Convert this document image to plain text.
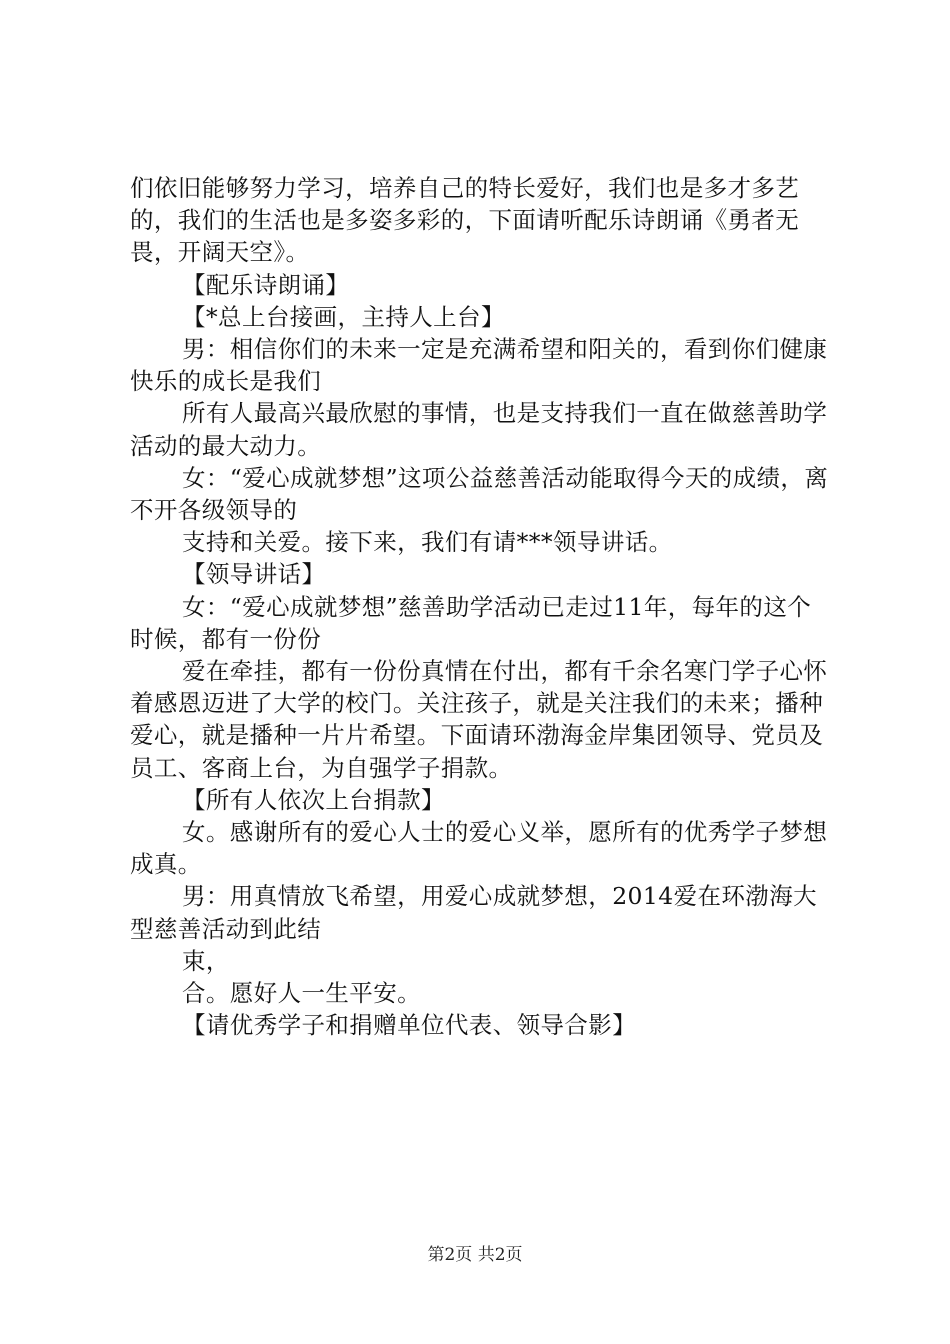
们依旧能够努力学习，培养自己的特长爱好，我们也是多才多艺的，我们的生活也是多姿多彩的，下面请听配乐诗朗诵《勇者无畏，开阔天空》。

【配乐诗朗诵】

【*总上台接画，主持人上台】

男：相信你们的未来一定是充满希望和阳关的，看到你们健康快乐的成长是我们

所有人最高兴最欣慰的事情，也是支持我们一直在做慈善助学活动的最大动力。

女：“爱心成就梦想”这项公益慈善活动能取得今天的成绩，离不开各级领导的

支持和关爱。接下来，我们有请***领导讲话。

【领导讲话】

女：“爱心成就梦想”慈善助学活动已走过11年，每年的这个时候，都有一份份

爱在牵挂，都有一份份真情在付出，都有千余名寒门学子心怀着感恩迈进了大学的校门。关注孩子，就是关注我们的未来；播种爱心，就是播种一片片希望。下面请环渤海金岸集团领导、党员及员工、客商上台，为自强学子捐款。

【所有人依次上台捐款】

女。感谢所有的爱心人士的爱心义举，愿所有的优秀学子梦想成真。

男：用真情放飞希望，用爱心成就梦想，2014爱在环渤海大型慈善活动到此结

束，

合。愿好人一生平安。

【请优秀学子和捐赠单位代表、领导合影】

第2页 共2页
